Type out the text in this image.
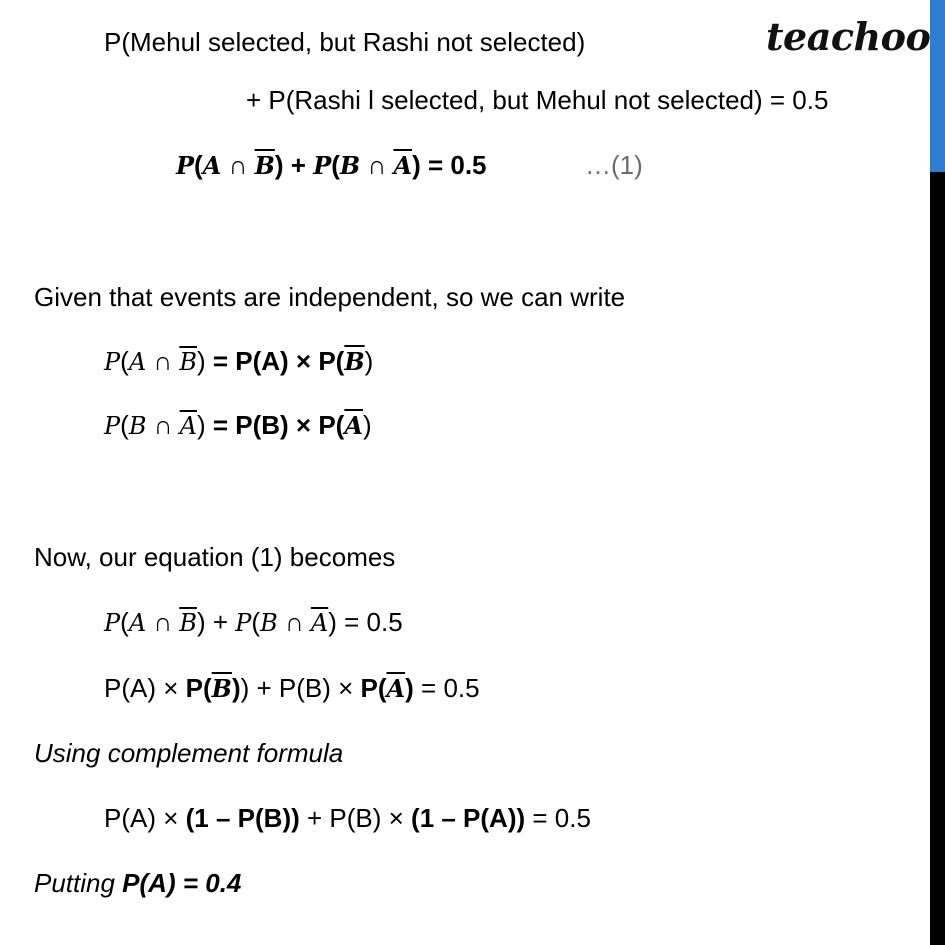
teachoo
P(Mehul selected, but Rashi not selected)
+ P(Rashi l selected, but Mehul not selected) = 0.5
P(A ∩ $\overline{B}) + P(B$ ∩ $\overline{A}) = 0.5$	…(1)
Given that events are independent, so we can write
P(A ∩ $\overline{B}) = P(A) \times P(\overline{B})$
P(B ∩ $\overline{A}) = P(B) \times P(\overline{A})$
Now, our equation (1) becomes
P(A ∩ $\overline{B}) + P(B$ ∩ $\overline{A}) = 0.5$
$P(A) \times P(\overline{B})) + P(B) \times P(\overline{A}) = 0.5$
Using complement formula
P(A) × (1 – P(B)) + P(B) × (1 – P(A)) = 0.5
Putting P(A) = 0.4
